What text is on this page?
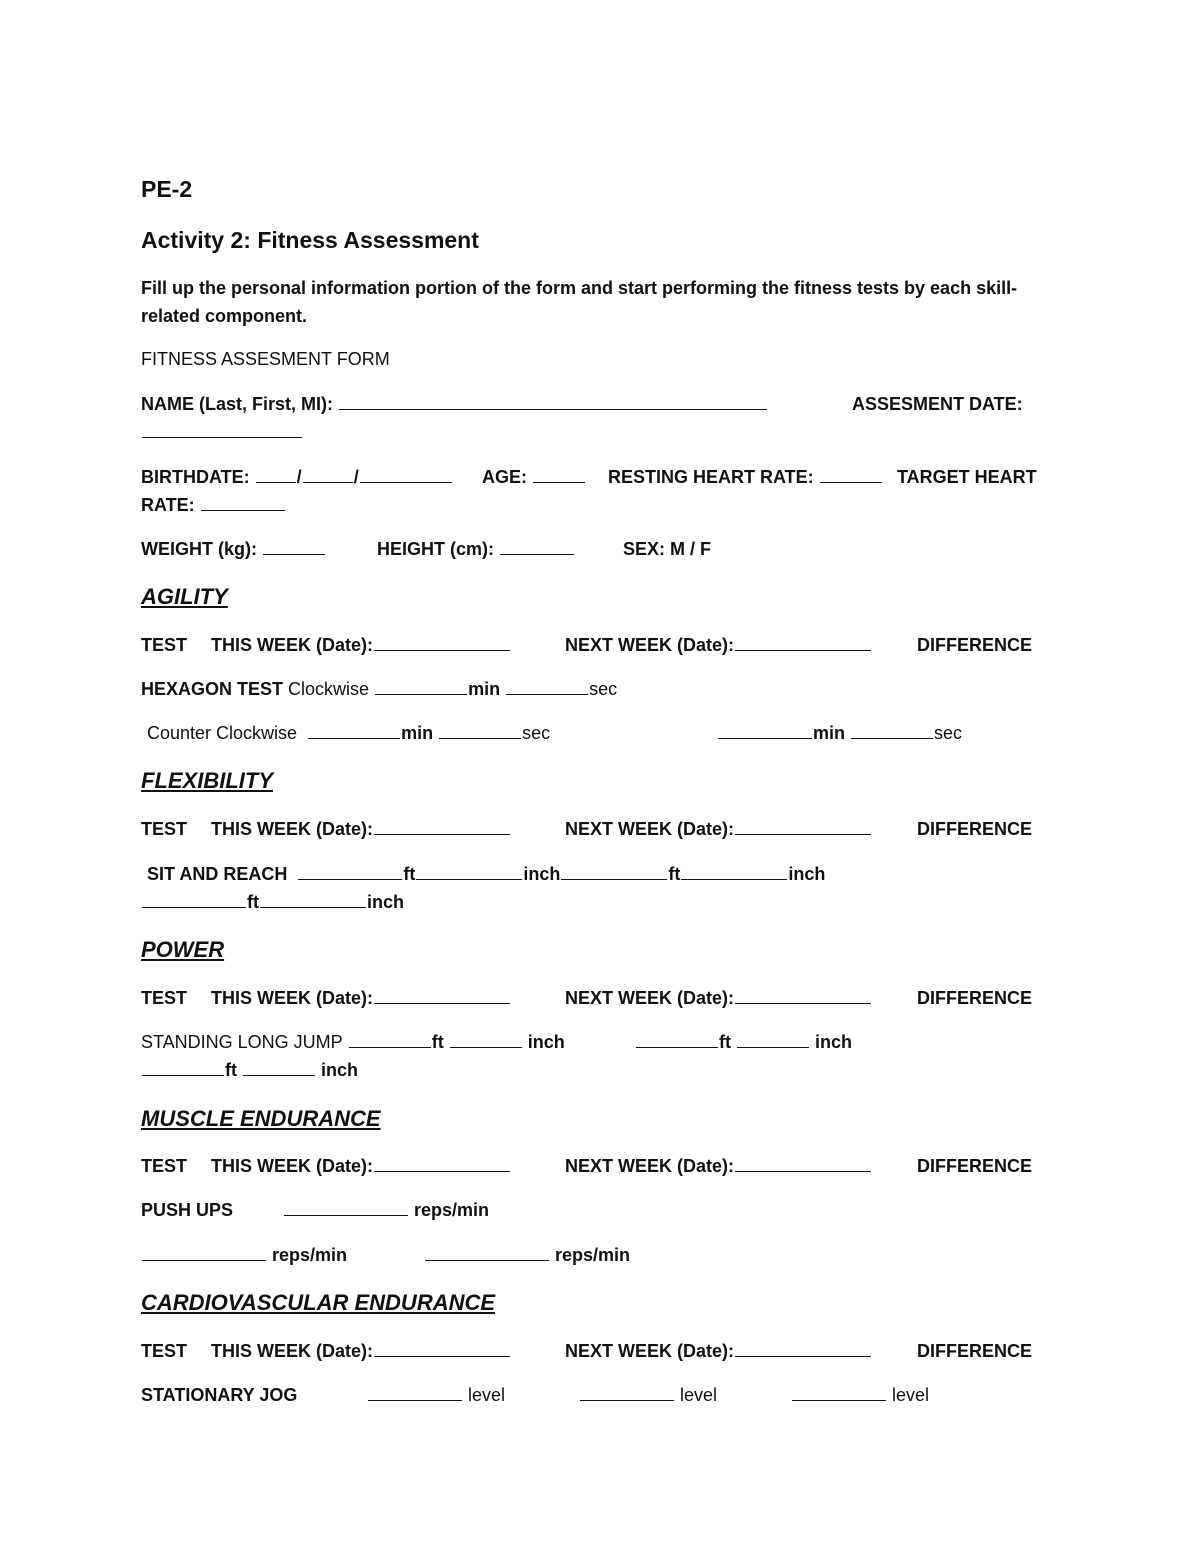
PE-2
Activity 2: Fitness Assessment
Fill up the personal information portion of the form and start performing the fitness tests by each skill-
related component.
FITNESS ASSESMENT FORM
NAME (Last, First, MI):	ASSESMENT DATE:
BIRTHDATE:	/	/	AGE:	RESTING HEART RATE:	TARGET HEART
RATE:
WEIGHT (kg):	HEIGHT (cm):	SEX: M / F
AGILITY
TEST THIS WEEK (Date):	NEXT WEEK (Date):	DIFFERENCE
HEXAGON TEST Clockwise	min	sec
Counter Clockwise	min	sec	min	sec
FLEXIBILITY
TEST THIS WEEK (Date):	NEXT WEEK (Date):	DIFFERENCE
SIT AND REACH	ft	inch	ft	inch
ft	inch
POWER
TEST THIS WEEK (Date):	NEXT WEEK (Date):	DIFFERENCE
STANDING LONG JUMP	ft	inch	ft	inch
ft	inch
MUSCLE ENDURANCE
TEST THIS WEEK (Date):	NEXT WEEK (Date):	DIFFERENCE
PUSH UPS	reps/min
reps/min	reps/min
CARDIOVASCULAR ENDURANCE
TEST THIS WEEK (Date):	NEXT WEEK (Date):	DIFFERENCE
STATIONARY JOG	level	level	level
